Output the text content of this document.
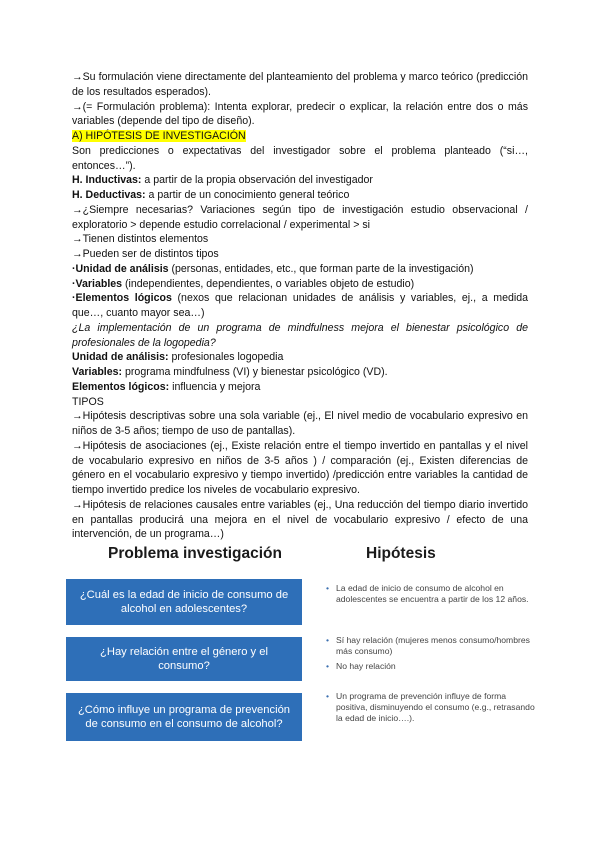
→Su formulación viene directamente del planteamiento del problema y marco teórico (predicción de los resultados esperados).

→(= Formulación problema): Intenta explorar, predecir o explicar, la relación entre dos o más variables (depende del tipo de diseño).

A) HIPÓTESIS DE INVESTIGACIÓN

Son predicciones o expectativas del investigador sobre el problema planteado (“si…, entonces…”).

H. Inductivas: a partir de la propia observación del investigador

H. Deductivas: a partir de un conocimiento general teórico

→¿Siempre necesarias? Variaciones según tipo de investigación estudio observacional / exploratorio > depende estudio correlacional / experimental > si

→Tienen distintos elementos

→Pueden ser de distintos tipos

·Unidad de análisis (personas, entidades, etc., que forman parte de la investigación)

·Variables (independientes, dependientes, o variables objeto de estudio)

·Elementos lógicos (nexos que relacionan unidades de análisis y variables, ej., a medida que…, cuanto mayor sea…)

¿La implementación de un programa de mindfulness mejora el bienestar psicológico de profesionales de la logopedia?

Unidad de análisis: profesionales logopedia

Variables: programa mindfulness (VI) y bienestar psicológico (VD).

Elementos lógicos: influencia y mejora

TIPOS

→Hipótesis descriptivas sobre una sola variable (ej., El nivel medio de vocabulario expresivo en niños de 3-5 años; tiempo de uso de pantallas).

→Hipótesis de asociaciones (ej., Existe relación entre el tiempo invertido en pantallas y el nivel de vocabulario expresivo en niños de 3-5 años ) / comparación (ej., Existen diferencias de género en el vocabulario expresivo y tiempo invertido) /predicción entre variables la cantidad de tiempo invertido predice los niveles de vocabulario expresivo.

→Hipótesis de relaciones causales entre variables (ej., Una reducción del tiempo diario invertido en pantallas producirá una mejora en el nivel de vocabulario expresivo / efecto de una intervención, de un programa…)

Problema investigación	Hipótesis
¿Cuál es la edad de inicio de consumo de alcohol en adolescentes?
¿Hay relación entre el género y el consumo?
¿Cómo influye un programa de prevención de consumo en el consumo de alcohol?
• La edad de inicio de consumo de alcohol en adolescentes se encuentra a partir de los 12 años.
• Sí hay relación (mujeres menos consumo/hombres más consumo)
• No hay relación
• Un programa de prevención influye de forma positiva, disminuyendo el consumo (e.g., retrasando la edad de inicio….).
